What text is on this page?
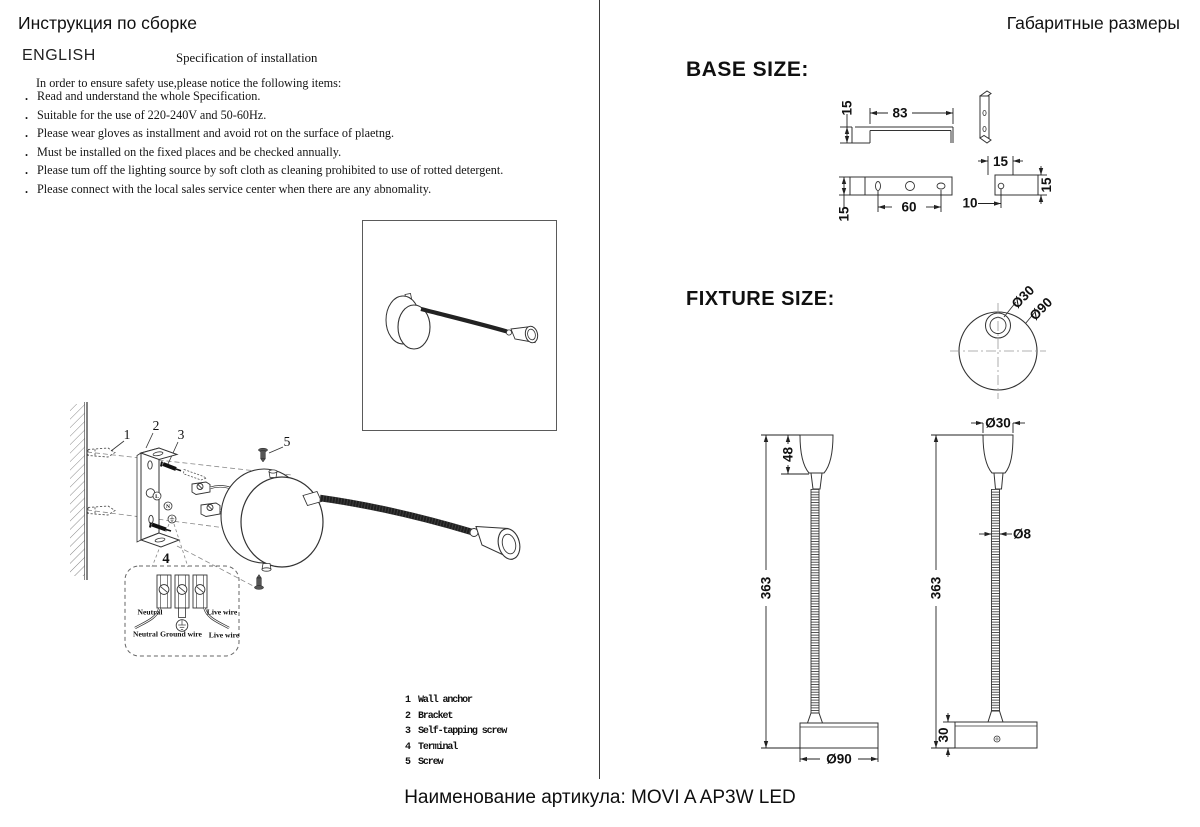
Инструкция по сборке	Габаритные размеры
ENGLISH	Specification of installation
In order to ensure safety use,please notice the following items:
. Read and understand the whole Specification.
. Suitable for the use of 220-240V and 50-60Hz.
. Please wear gloves as installment and avoid rot on the surface of plaetng.
. Must be installed on the fixed places and be checked annually.
. Please tum off the lighting source by soft cloth as cleaning prohibited to use of rotted detergent.
. Please connect with the local sales service center when there are any abnomality.
1
2
3	5
4
L
N
Neutral	Live wire
Neutral Ground wire Live wire
1 Wall anchor
2 Bracket
3 Self-tapping screw
4 Terminal
5 Screw
BASE SIZE:
FIXTURE SIZE:
83
15
15	60
15
15
10
Ø30
Ø90
363
48
Ø90
Ø30
363
Ø8
30
Наименование артикула: MOVI A AP3W LED
